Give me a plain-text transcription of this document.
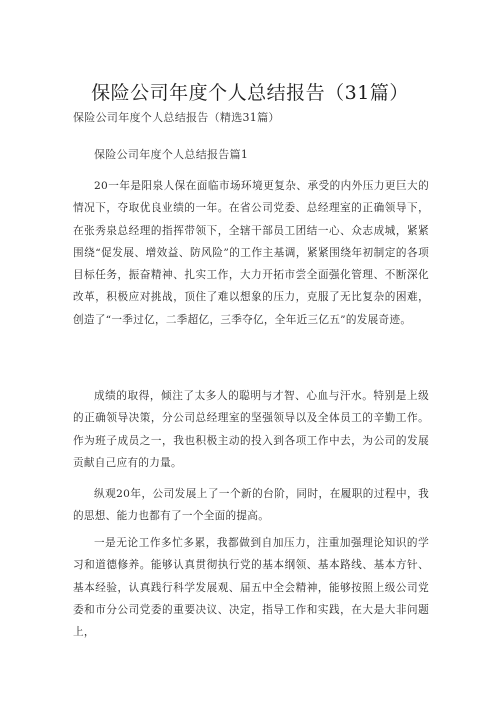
保险公司年度个人总结报告（31篇）
保险公司年度个人总结报告（精选31篇）
保险公司年度个人总结报告篇1

20一年是阳泉人保在面临市场环境更复杂、承受的内外压力更巨大的情况下，夺取优良业绩的一年。在省公司党委、总经理室的正确领导下，在张秀泉总经理的指挥带领下，全辖干部员工团结一心、众志成城，紧紧围绕“促发展、增效益、防风险”的工作主基调，紧紧围绕年初制定的各项目标任务，振奋精神、扎实工作，大力开拓市尝全面强化管理、不断深化改革，积极应对挑战，顶住了难以想象的压力，克服了无比复杂的困难，创造了“一季过亿，二季超亿，三季夺亿，全年近三亿五”的发展奇迹。

成绩的取得，倾注了太多人的聪明与才智、心血与汗水。特别是上级的正确领导决策，分公司总经理室的坚强领导以及全体员工的辛勤工作。作为班子成员之一，我也积极主动的投入到各项工作中去，为公司的发展贡献自己应有的力量。

纵观20年，公司发展上了一个新的台阶，同时，在履职的过程中，我的思想、能力也都有了一个全面的提高。

一是无论工作多忙多累，我都做到自加压力，注重加强理论知识的学习和道德修养。能够认真贯彻执行党的基本纲领、基本路线、基本方针、基本经验，认真践行科学发展观、届五中全会精神，能够按照上级公司党委和市分公司党委的重要决议、决定，指导工作和实践，在大是大非问题上，
